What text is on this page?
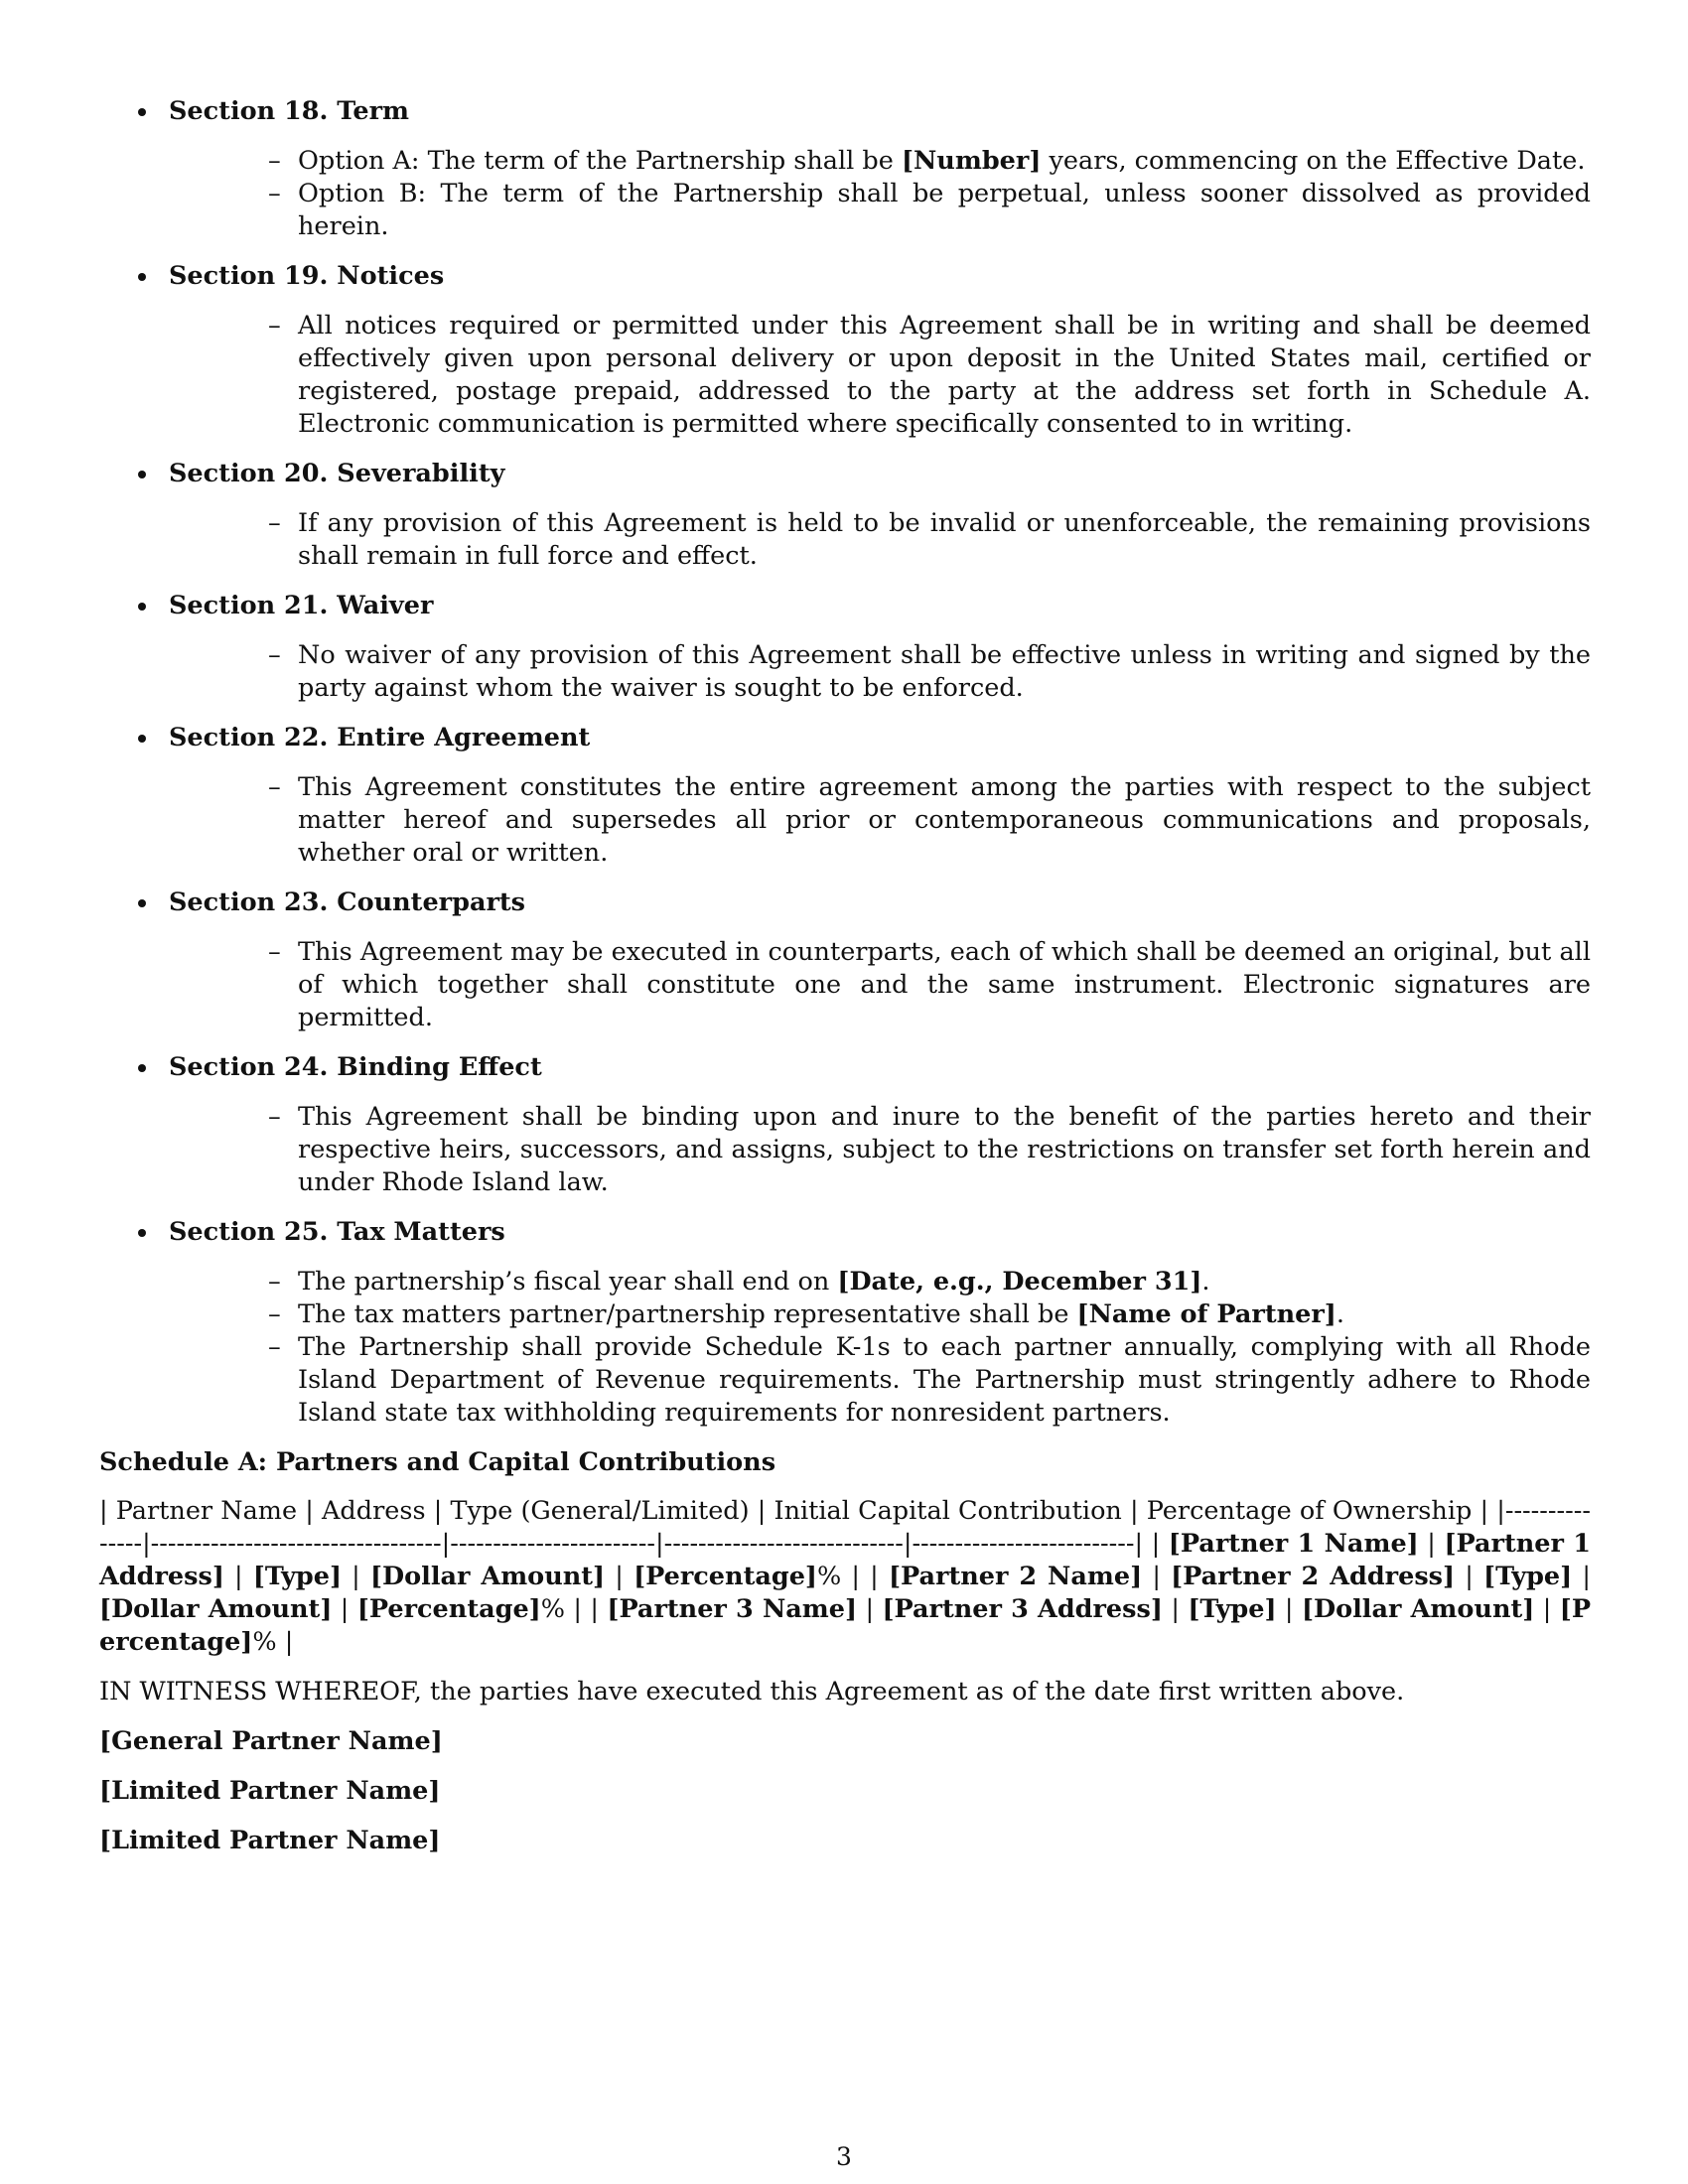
Section 18. Term
– Option A: The term of the Partnership shall be [Number] years, commencing on the Effective Date.
– Option B: The term of the Partnership shall be perpetual, unless sooner dissolved as provided herein.
Section 19. Notices
– All notices required or permitted under this Agreement shall be in writing and shall be deemed effectively given upon personal delivery or upon deposit in the United States mail, certified or registered, postage prepaid, addressed to the party at the address set forth in Schedule A. Electronic communication is permitted where specifically consented to in writing.
Section 20. Severability
– If any provision of this Agreement is held to be invalid or unenforceable, the remaining provisions shall remain in full force and effect.
Section 21. Waiver
– No waiver of any provision of this Agreement shall be effective unless in writing and signed by the party against whom the waiver is sought to be enforced.
Section 22. Entire Agreement
– This Agreement constitutes the entire agreement among the parties with respect to the subject matter hereof and supersedes all prior or contemporaneous communications and proposals, whether oral or written.
Section 23. Counterparts
– This Agreement may be executed in counterparts, each of which shall be deemed an original, but all of which together shall constitute one and the same instrument. Electronic signatures are permitted.
Section 24. Binding Effect
– This Agreement shall be binding upon and inure to the benefit of the parties hereto and their respective heirs, successors, and assigns, subject to the restrictions on transfer set forth herein and under Rhode Island law.
Section 25. Tax Matters
– The partnership’s fiscal year shall end on [Date, e.g., December 31].
– The tax matters partner/partnership representative shall be [Name of Partner].
– The Partnership shall provide Schedule K-1s to each partner annually, complying with all Rhode Island Department of Revenue requirements. The Partnership must stringently adhere to Rhode Island state tax withholding requirements for nonresident partners.
Schedule A: Partners and Capital Contributions

| Partner Name | Address | Type (General/Limited) | Initial Capital Contribution | Percentage of Ownership | |---------------|----------------------------------|------------------------|----------------------------|--------------------------| | [Partner 1 Name] | [Partner 1 Address] | [Type] | [Dollar Amount] | [Percentage]% | | [Partner 2 Name] | [Partner 2 Address] | [Type] | [Dollar Amount] | [Percentage]% | | [Partner 3 Name] | [Partner 3 Address] | [Type] | [Dollar Amount] | [Percentage]% |

IN WITNESS WHEREOF, the parties have executed this Agreement as of the date first written above.

[General Partner Name]
[Limited Partner Name]
[Limited Partner Name]
3
